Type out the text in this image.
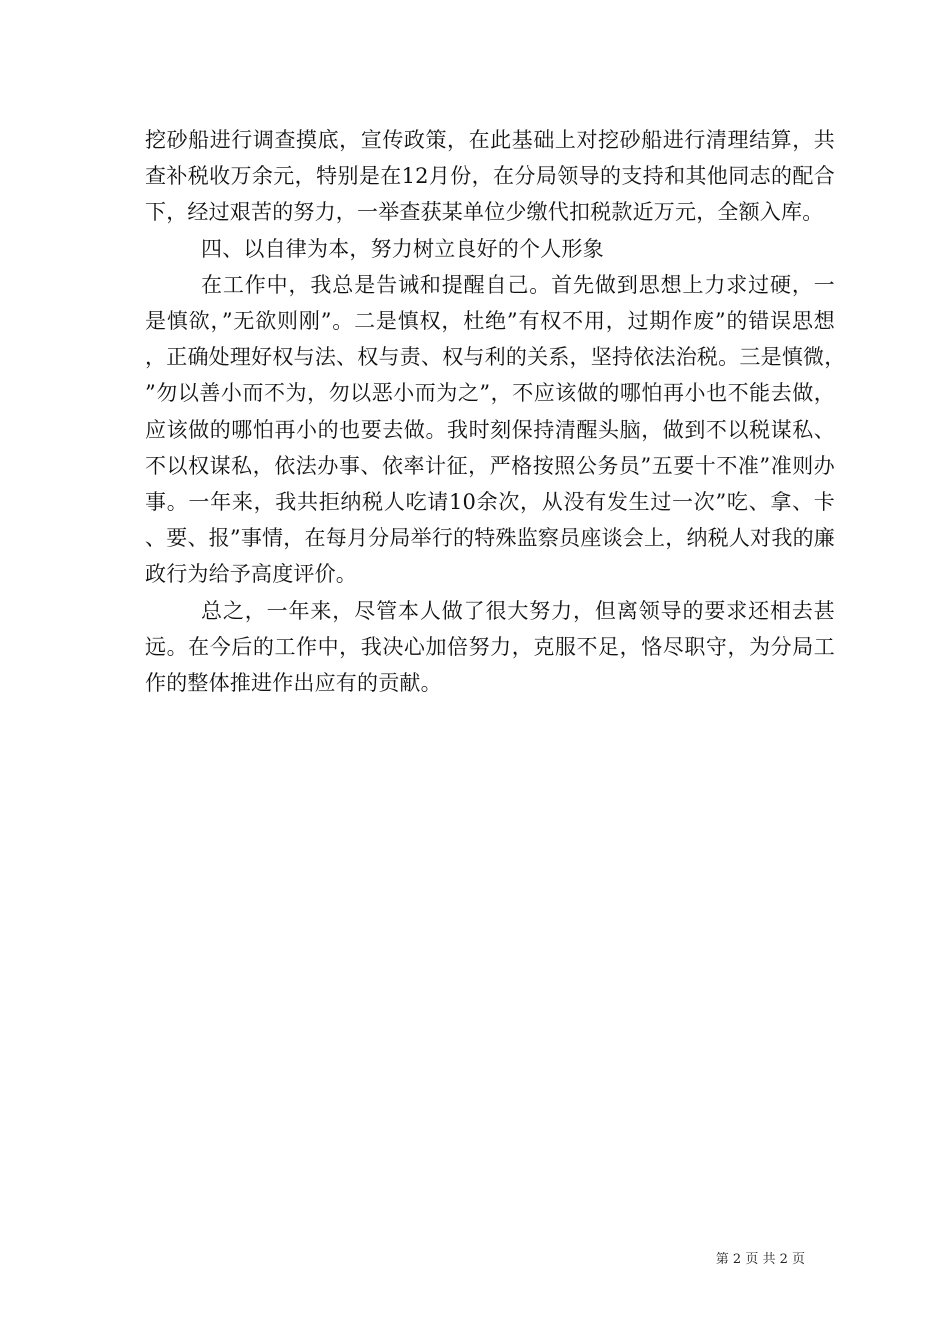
挖砂船进行调查摸底，宣传政策，在此基础上对挖砂船进行清理结算，共查补税收万余元，特别是在12月份，在分局领导的支持和其他同志的配合下，经过艰苦的努力，一举查获某单位少缴代扣税款近万元，全额入库。

四、以自律为本，努力树立良好的个人形象

在工作中，我总是告诫和提醒自己。首先做到思想上力求过硬，一是慎欲，”无欲则刚”。二是慎权，杜绝”有权不用，过期作废”的错误思想，正确处理好权与法、权与责、权与利的关系，坚持依法治税。三是慎微，”勿以善小而不为，勿以恶小而为之”，不应该做的哪怕再小也不能去做，应该做的哪怕再小的也要去做。我时刻保持清醒头脑，做到不以税谋私、不以权谋私，依法办事、依率计征，严格按照公务员”五要十不准”准则办事。一年来，我共拒纳税人吃请10余次，从没有发生过一次”吃、拿、卡、要、报”事情，在每月分局举行的特殊监察员座谈会上，纳税人对我的廉政行为给予高度评价。

总之，一年来，尽管本人做了很大努力，但离领导的要求还相去甚远。在今后的工作中，我决心加倍努力，克服不足，恪尽职守，为分局工作的整体推进作出应有的贡献。

第 2 页 共 2 页
